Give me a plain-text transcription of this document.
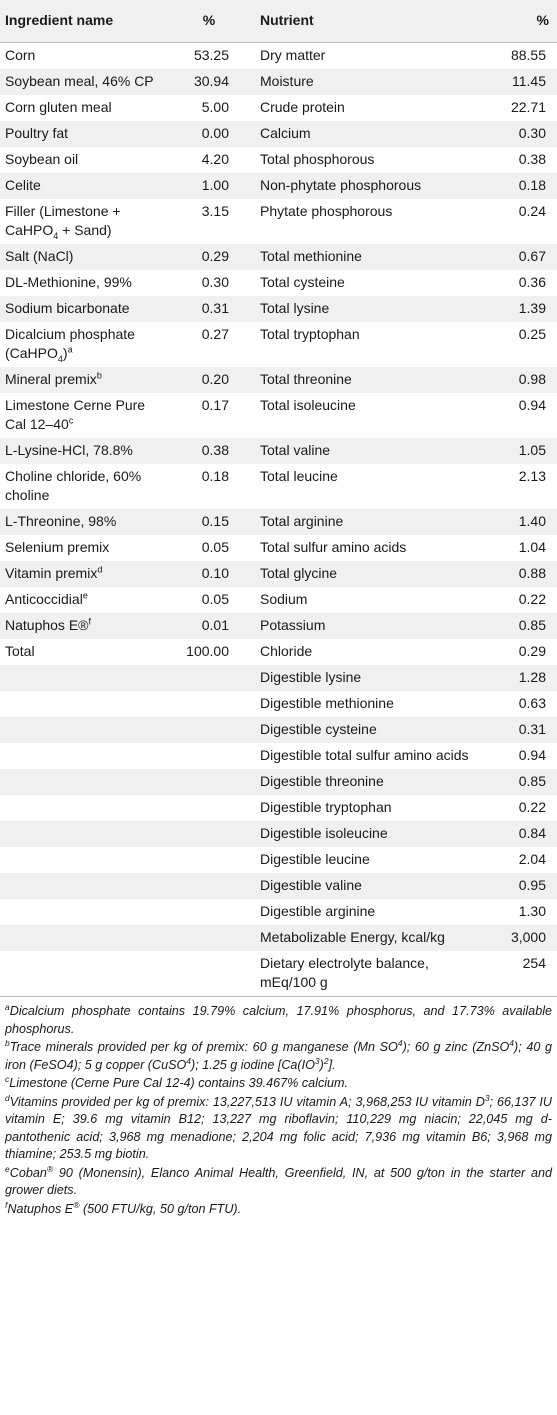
Ingredient name	%	Nutrient	%
Corn	53.25	Dry matter	88.55
Soybean meal, 46% CP	30.94	Moisture	11.45
Corn gluten meal	5.00	Crude protein	22.71
Poultry fat	0.00	Calcium	0.30
Soybean oil	4.20	Total phosphorous	0.38
Celite	1.00	Non-phytate phosphorous	0.18
Filler (Limestone + CaHPO$_4$ + Sand)	3.15	Phytate phosphorous	0.24
Salt (NaCl)	0.29	Total methionine	0.67
DL-Methionine, 99%	0.30	Total cysteine	0.36
Sodium bicarbonate	0.31	Total lysine	1.39
Dicalcium phosphate (CaHPO$_4$)$^a$	0.27	Total tryptophan	0.25
Mineral premix$^b$	0.20	Total threonine	0.98
Limestone Cerne Pure Cal 12–40$^c$	0.17	Total isoleucine	0.94
L-Lysine-HCl, 78.8%	0.38	Total valine	1.05
Choline chloride, 60% choline	0.18	Total leucine	2.13
L-Threonine, 98%	0.15	Total arginine	1.40
Selenium premix	0.05	Total sulfur amino acids	1.04
Vitamin premix$^d$	0.10	Total glycine	0.88
Anticoccidial$^e$	0.05	Sodium	0.22
Natuphos E®$^f$	0.01	Potassium	0.85
Total	100.00	Chloride	0.29
		Digestible lysine	1.28
		Digestible methionine	0.63
		Digestible cysteine	0.31
		Digestible total sulfur amino acids	0.94
		Digestible threonine	0.85
		Digestible tryptophan	0.22
		Digestible isoleucine	0.84
		Digestible leucine	2.04
		Digestible valine	0.95
		Digestible arginine	1.30
		Metabolizable Energy, kcal/kg	3,000
		Dietary electrolyte balance, mEq/100 g	254

$^a$Dicalcium phosphate contains 19.79% calcium, 17.91% phosphorus, and 17.73% available phosphorus.

$^b$Trace minerals provided per kg of premix: 60 g manganese (Mn $SO^4$); 60 g zinc (ZnSO$^4$); 40 g iron (FeSO4); 5 g copper (CuSO$^4$); 1.25 g iodine $[Ca(IO^3)^2]$.

$^c$Limestone (Cerne Pure Cal 12-4) contains 39.467% calcium.

$^d$Vitamins provided per kg of premix: 13,227,513 IU vitamin A; 3,968,253 IU vitamin $D^3$; 66,137 IU vitamin E; 39.6 mg vitamin B12; 13,227 mg riboflavin; 110,229 mg niacin; 22,045 mg d-pantothenic acid; 3,968 mg menadione; 2,204 mg folic acid; 7,936 mg vitamin B6; 3,968 mg thiamine; 253.5 mg biotin.

$^e$Coban® 90 (Monensin), Elanco Animal Health, Greenfield, IN, at 500 g/ton in the starter and grower diets.

$^f$Natuphos E® (500 FTU/kg, 50 g/ton FTU).
